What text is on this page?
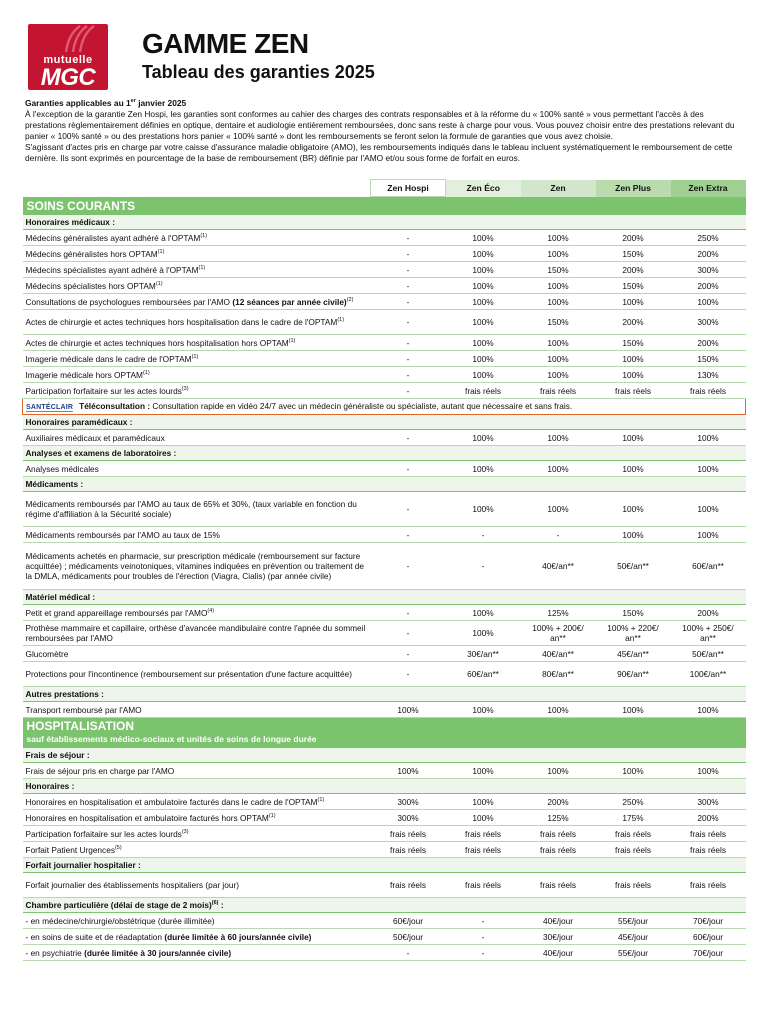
mutuelle
MGC
GAMME ZEN
Tableau des garanties 2025

Garanties applicables au 1er janvier 2025

À l'exception de la garantie Zen Hospi, les garanties sont conformes au cahier des charges des contrats responsables et à la réforme du « 100% santé » vous permettant l'accès à des prestations règlementairement définies en optique, dentaire et audiologie entièrement remboursées, donc sans reste à charge pour vous. Vous pouvez choisir entre des prestations relevant du panier « 100% santé » ou des prestations hors panier « 100% santé » dont les remboursements se feront selon la formule de garanties que vous avez choisie.

S'agissant d'actes pris en charge par votre caisse d'assurance maladie obligatoire (AMO), les remboursements indiqués dans le tableau incluent systématiquement le remboursement de cette dernière. Ils sont exprimés en pourcentage de la base de remboursement (BR) définie par l'AMO et/ou sous forme de forfait en euros.

	Zen Hospi	Zen Éco	Zen	Zen Plus	Zen Extra
SOINS COURANTS					
Honoraires médicaux :					
Médecins généralistes ayant adhéré à l'OPTAM$^{(1)}$	-	100%	100%	200%	250%
Médecins généralistes hors OPTAM$^{(1)}$	-	100%	100%	150%	200%
Médecins spécialistes ayant adhéré à l'OPTAM$^{(1)}$	-	100%	150%	200%	300%
Médecins spécialistes hors OPTAM$^{(1)}$	-	100%	100%	150%	200%
Consultations de psychologues remboursées par l'AMO (12 séances par année civile)$^{(2)}$	-	100%	100%	100%	100%
Actes de chirurgie et actes techniques hors hospitalisation dans le cadre de l'OPTAM$^{(1)}$	-	100%	150%	200%	300%
Actes de chirurgie et actes techniques hors hospitalisation hors OPTAM$^{(1)}$	-	100%	100%	150%	200%
Imagerie médicale dans le cadre de l'OPTAM$^{(1)}$	-	100%	100%	100%	150%
Imagerie médicale hors OPTAM$^{(1)}$	-	100%	100%	100%	130%
Participation forfaitaire sur les actes lourds$^{(3)}$	-	frais réels	frais réels	frais réels	frais réels
SANTÉCLAIR Téléconsultation : Consultation rapide en vidéo 24/7 avec un médecin généraliste ou spécialiste, autant que nécessaire et sans frais.					
Honoraires paramédicaux :					
Auxiliaires médicaux et paramédicaux	-	100%	100%	100%	100%
Analyses et examens de laboratoires :					
Analyses médicales	-	100%	100%	100%	100%
Médicaments :					
Médicaments remboursés par l'AMO au taux de 65% et 30%, (taux variable en fonction du régime d'affiliation à la Sécurité sociale)	-	100%	100%	100%	100%
Médicaments remboursés par l'AMO au taux de 15%	-	-	-	100%	100%
Médicaments achetés en pharmacie, sur prescription médicale (remboursement sur facture acquittée) ; médicaments veinotoniques, vitamines indiquées en prévention ou traitement de la DMLA, médicaments pour troubles de l'érection (Viagra, Cialis) (par année civile)	-	-	40€/an**	50€/an**	60€/an**
Matériel médical :					
Petit et grand appareillage remboursés par l'AMO$^{(4)}$	-	100%	125%	150%	200%
Prothèse mammaire et capillaire, orthèse d'avancée mandibulaire contre l'apnée du sommeil remboursées par l'AMO	-	100%	100% + 200€/ an**	100% + 220€/ an**	100% + 250€/ an**
Glucomètre	-	30€/an**	40€/an**	45€/an**	50€/an**
Protections pour l'incontinence (remboursement sur présentation d'une facture acquittée)	-	60€/an**	80€/an**	90€/an**	100€/an**
Autres prestations :					
Transport remboursé par l'AMO	100%	100%	100%	100%	100%
HOSPITALISATION
sauf établissements médico-sociaux et unités de soins de longue durée					

Frais de séjour :					
Frais de séjour pris en charge par l'AMO	100%	100%	100%	100%	100%
Honoraires :					
Honoraires en hospitalisation et ambulatoire facturés dans le cadre de l'OPTAM$^{(1)}$	300%	100%	200%	250%	300%
Honoraires en hospitalisation et ambulatoire facturés hors OPTAM$^{(1)}$	300%	100%	125%	175%	200%
Participation forfaitaire sur les actes lourds$^{(3)}$	frais réels	frais réels	frais réels	frais réels	frais réels
Forfait Patient Urgences$^{(5)}$	frais réels	frais réels	frais réels	frais réels	frais réels
Forfait journalier hospitalier :					
Forfait journalier des établissements hospitaliers (par jour)	frais réels	frais réels	frais réels	frais réels	frais réels
Chambre particulière (délai de stage de 2 mois)$^{(6)}$ :					
- en médecine/chirurgie/obstétrique (durée illimitée)	60€/jour	-	40€/jour	55€/jour	70€/jour
- en soins de suite et de réadaptation (durée limitée à 60 jours/année civile)	50€/jour	-	30€/jour	45€/jour	60€/jour
- en psychiatrie (durée limitée à 30 jours/année civile)	-	-	40€/jour	55€/jour	70€/jour
